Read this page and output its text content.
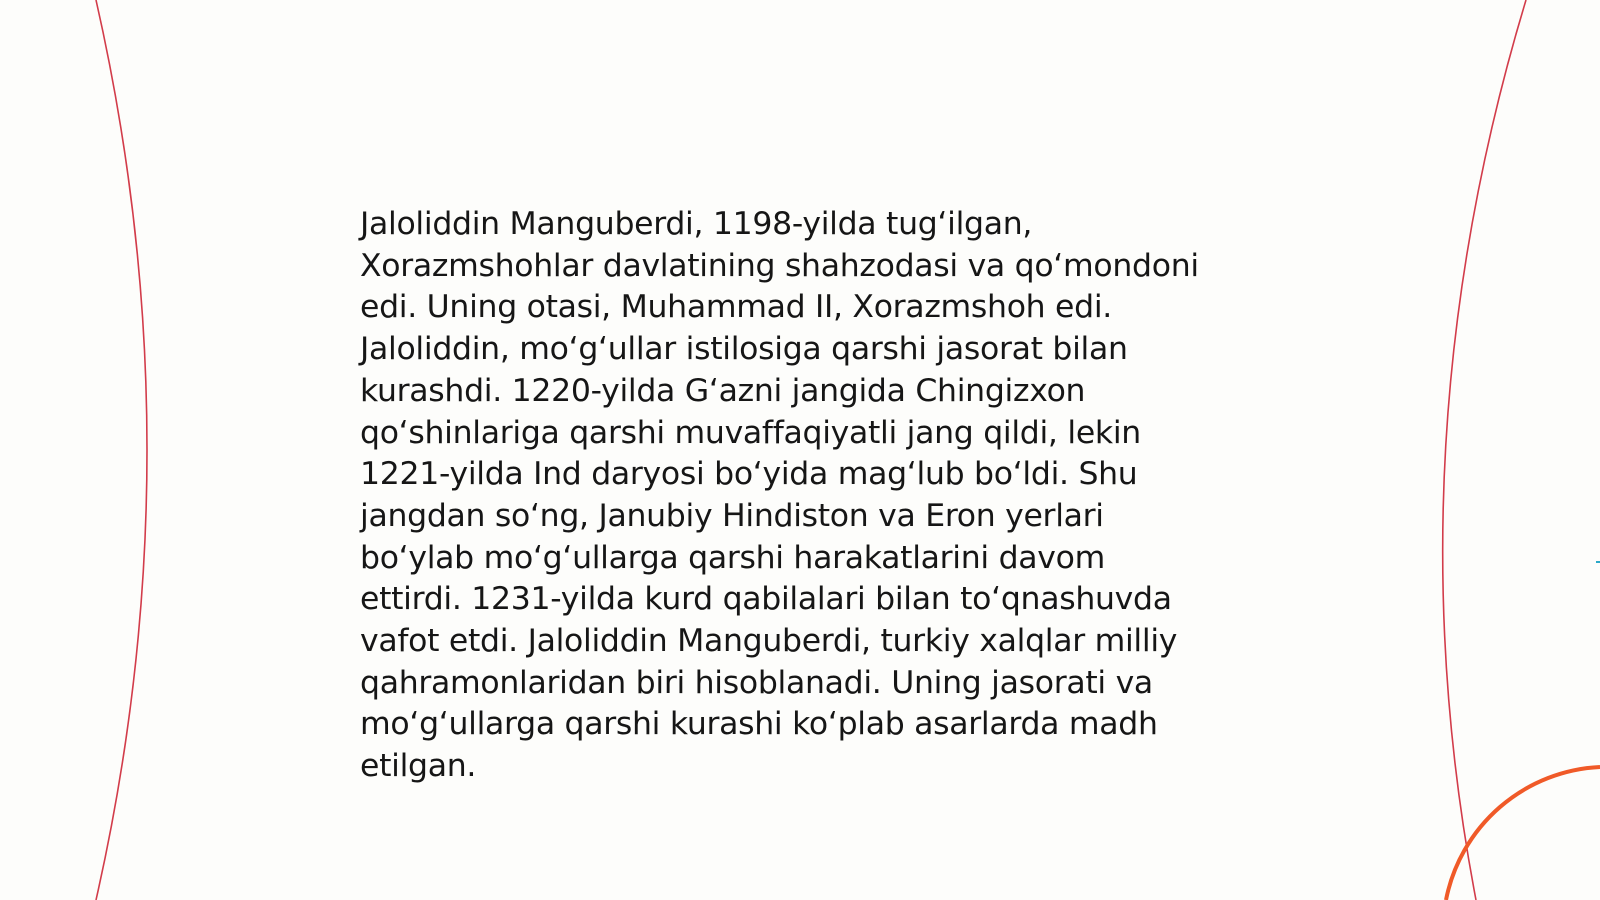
Jaloliddin Manguberdi, 1198-yilda tugʻilgan,
Xorazmshohlar davlatining shahzodasi va qoʻmondoni
edi. Uning otasi, Muhammad II, Xorazmshoh edi.
Jaloliddin, moʻgʻullar istilosiga qarshi jasorat bilan
kurashdi. 1220-yilda Gʻazni jangida Chingizxon
qoʻshinlariga qarshi muvaffaqiyatli jang qildi, lekin
1221-yilda Ind daryosi boʻyida magʻlub boʻldi. Shu
jangdan soʻng, Janubiy Hindiston va Eron yerlari
boʻylab moʻgʻullarga qarshi harakatlarini davom
ettirdi. 1231-yilda kurd qabilalari bilan toʻqnashuvda
vafot etdi. Jaloliddin Manguberdi, turkiy xalqlar milliy
qahramonlaridan biri hisoblanadi. Uning jasorati va
moʻgʻullarga qarshi kurashi koʻplab asarlarda madh
etilgan.
